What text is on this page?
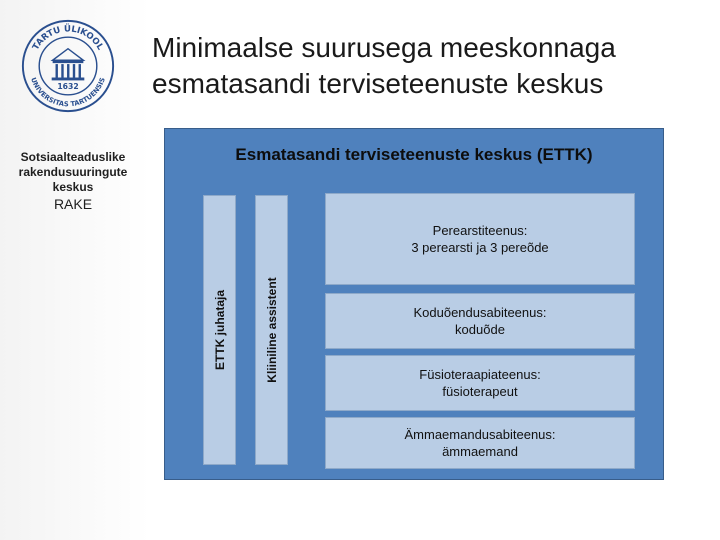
TARTU ÜLIKOOL
UNIVERSITAS TARTUENSIS
1632
Sotsiaalteaduslike
rakendusuuringute
keskus
RAKE
Minimaalse suurusega meeskonnaga
esmatasandi terviseteenuste keskus
Esmatasandi terviseteenuste keskus (ETTK)
ETTK juhataja	Kliiniline assistent
Perearstiteenus:
3 perearsti ja 3 pereõde
Koduõendusabiteenus:
koduõde
Füsioteraapiateenus:
füsioterapeut
Ämmaemandusabiteenus:
ämmaemand
